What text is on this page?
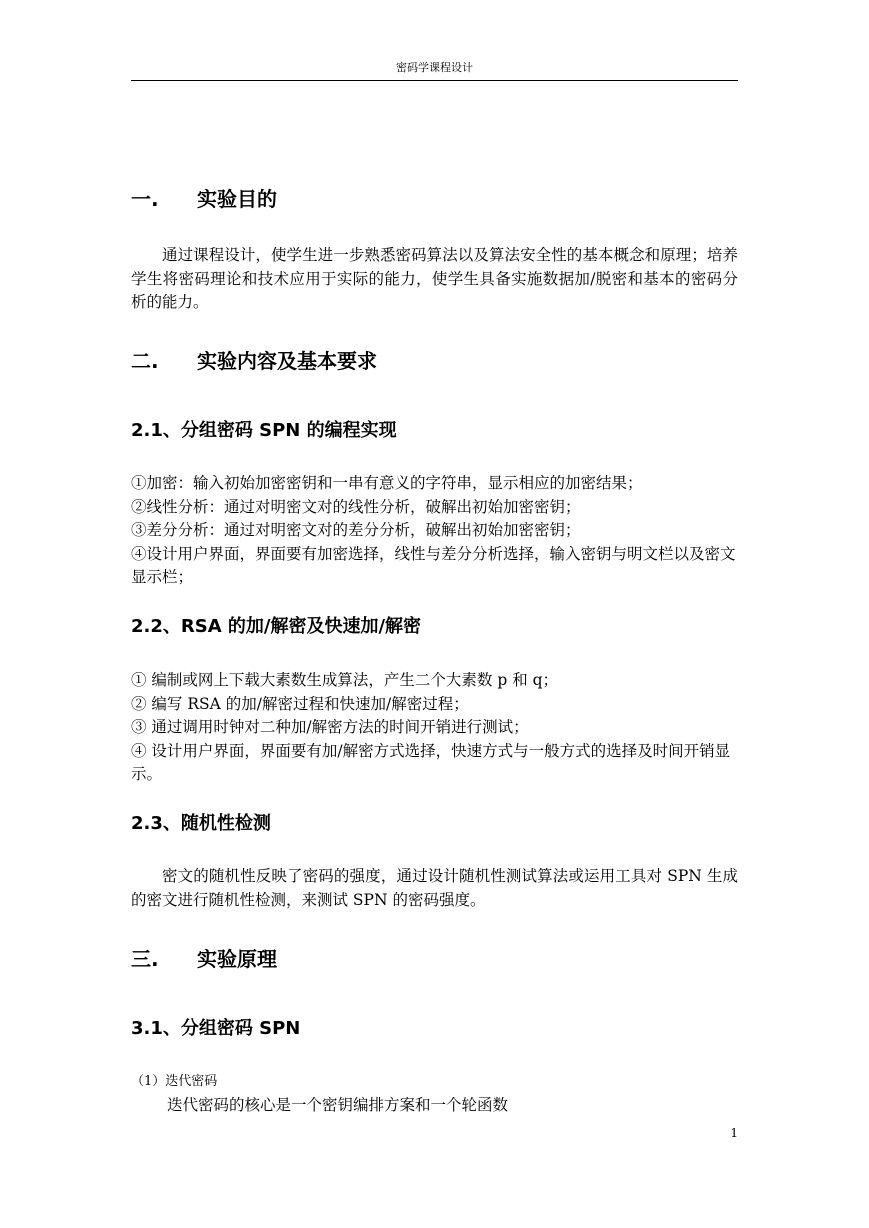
密码学课程设计
一. 实验目的
通过课程设计，使学生进一步熟悉密码算法以及算法安全性的基本概念和原理；培养学生将密码理论和技术应用于实际的能力，使学生具备实施数据加/脱密和基本的密码分析的能力。
二. 实验内容及基本要求
2.1、分组密码 SPN 的编程实现
①加密：输入初始加密密钥和一串有意义的字符串，显示相应的加密结果；
②线性分析：通过对明密文对的线性分析，破解出初始加密密钥；
③差分分析：通过对明密文对的差分分析，破解出初始加密密钥；
④设计用户界面，界面要有加密选择，线性与差分分析选择，输入密钥与明文栏以及密文显示栏；
2.2、RSA 的加/解密及快速加/解密
① 编制或网上下载大素数生成算法，产生二个大素数 p 和 q；
② 编写 RSA 的加/解密过程和快速加/解密过程；
③ 通过调用时钟对二种加/解密方法的时间开销进行测试；
④ 设计用户界面，界面要有加/解密方式选择，快速方式与一般方式的选择及时间开销显示。
2.3、随机性检测
密文的随机性反映了密码的强度，通过设计随机性测试算法或运用工具对 SPN 生成的密文进行随机性检测，来测试 SPN 的密码强度。
三. 实验原理
3.1、分组密码 SPN
（1）迭代密码
迭代密码的核心是一个密钥编排方案和一个轮函数
1
